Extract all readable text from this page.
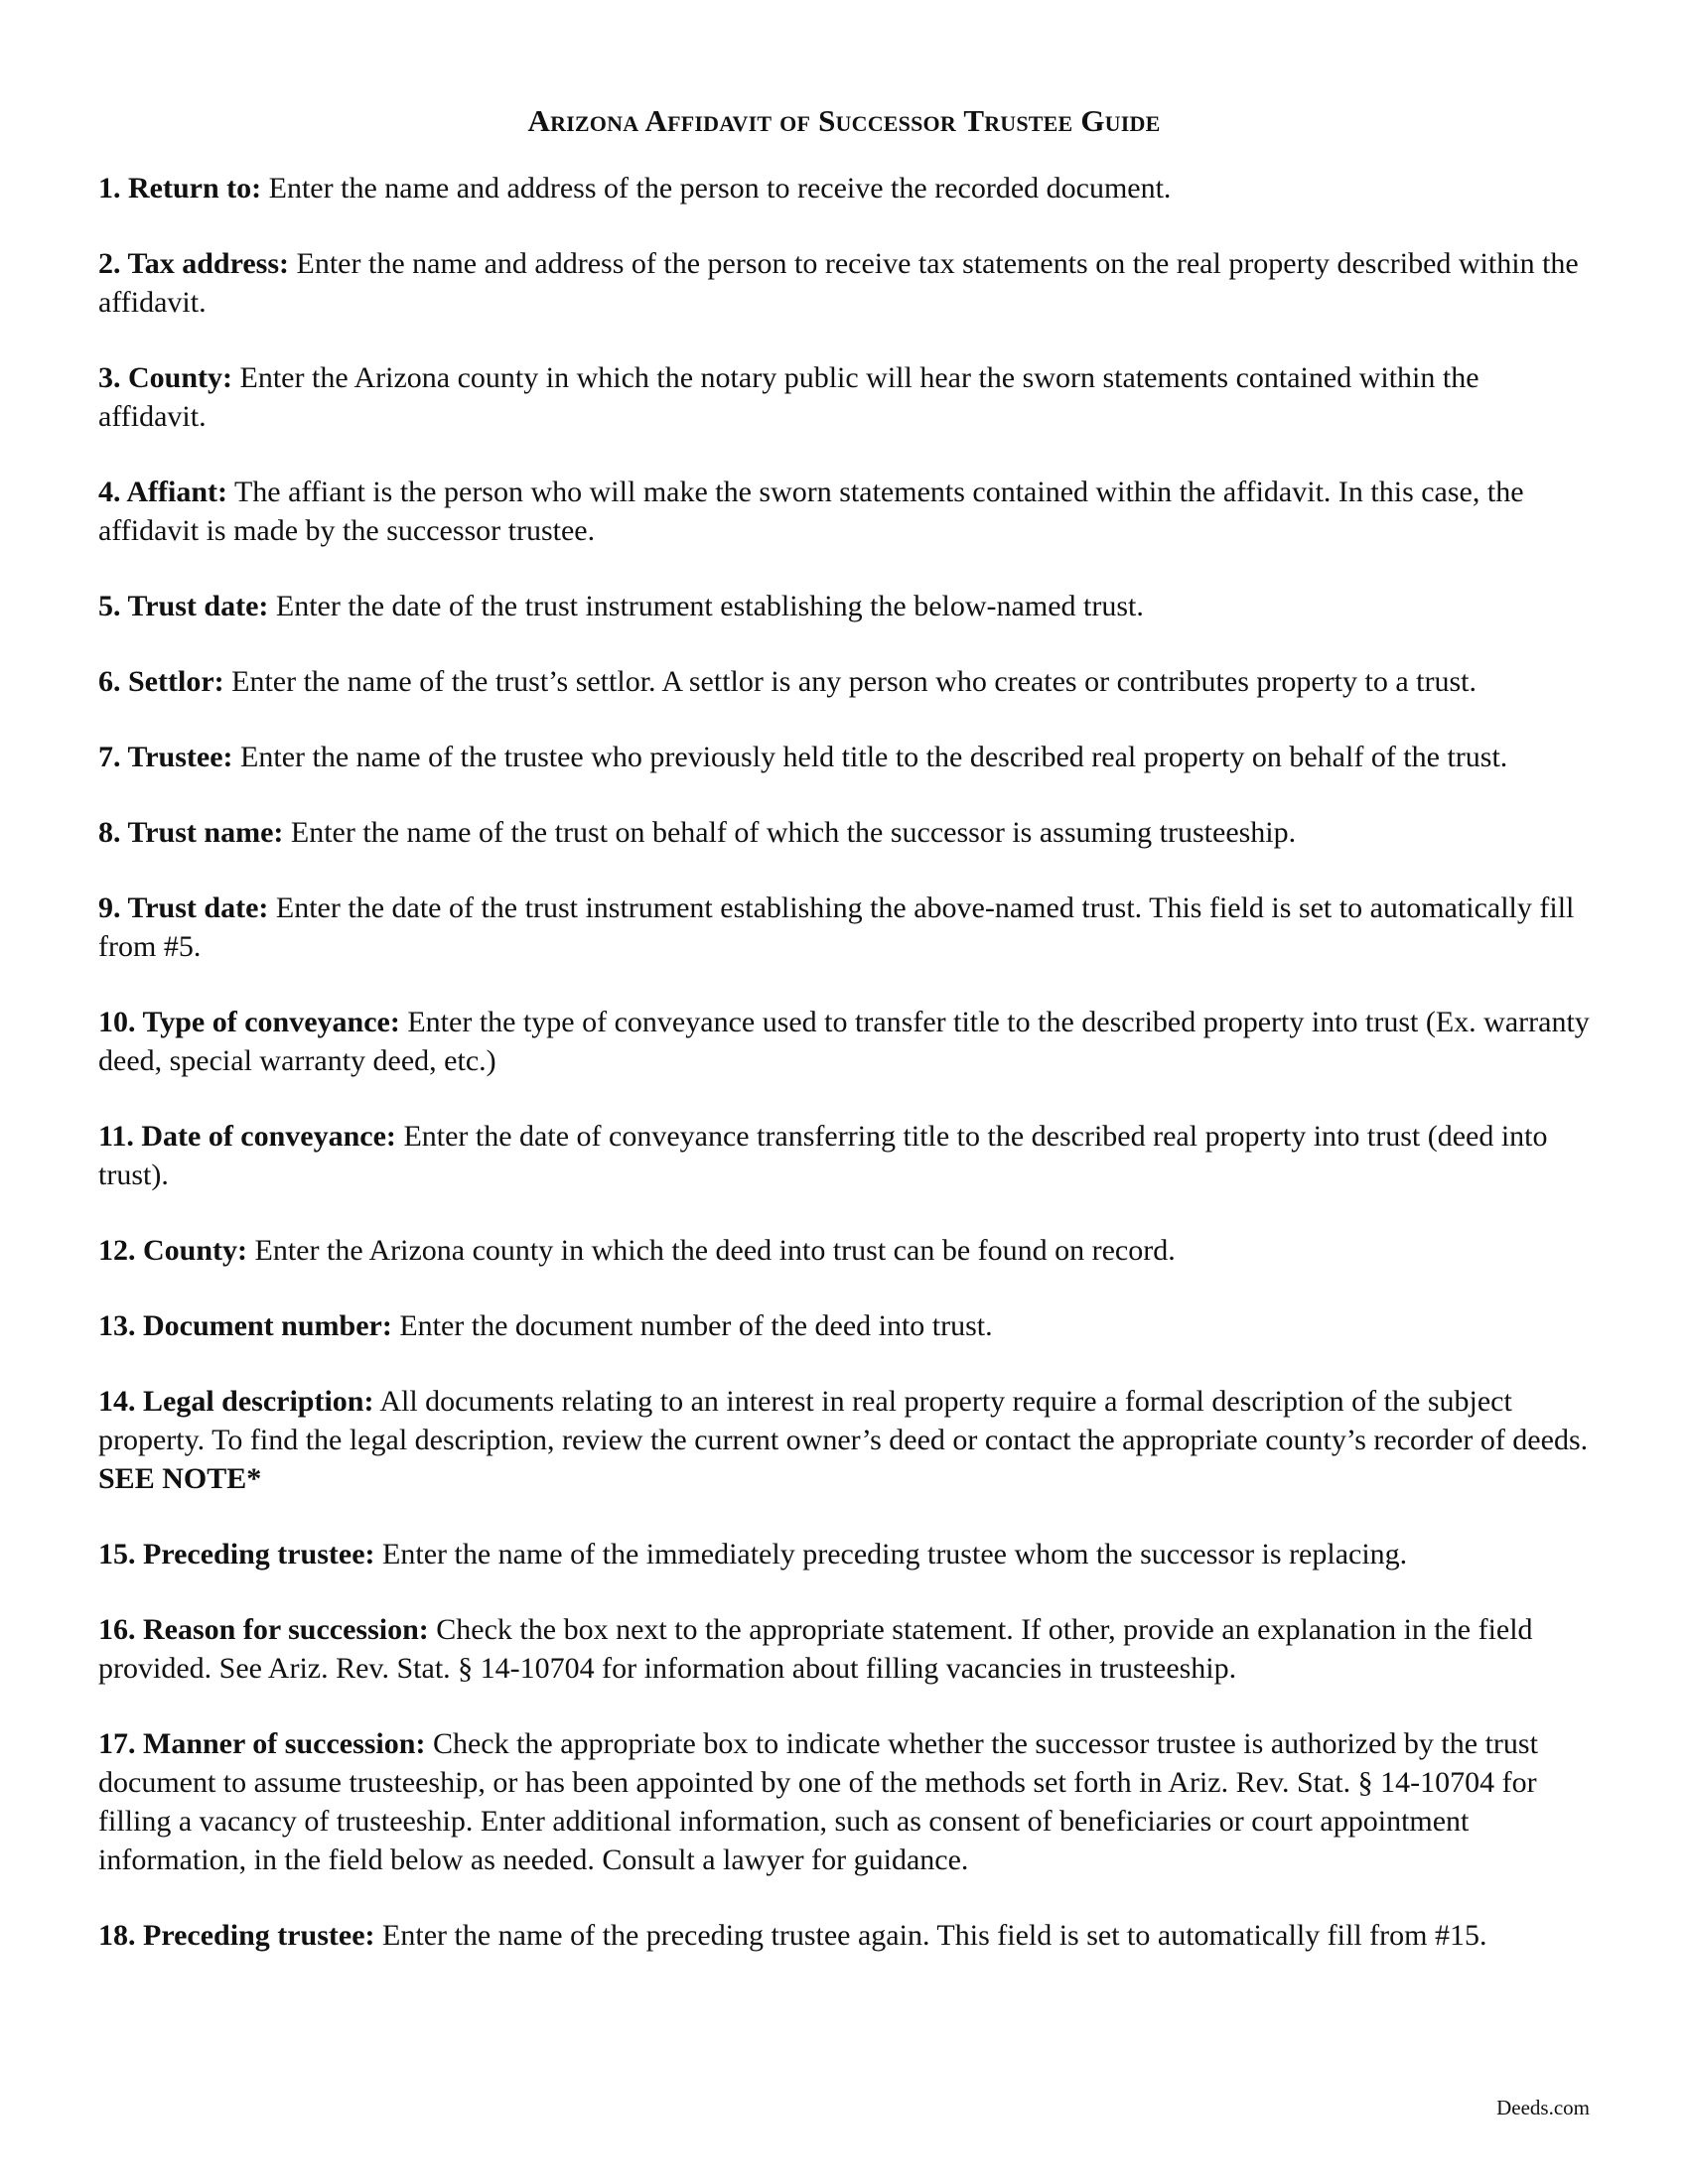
Arizona Affidavit of Successor Trustee Guide
1. Return to: Enter the name and address of the person to receive the recorded document.
2. Tax address: Enter the name and address of the person to receive tax statements on the real property described within the affidavit.
3. County: Enter the Arizona county in which the notary public will hear the sworn statements contained within the affidavit.
4. Affiant: The affiant is the person who will make the sworn statements contained within the affidavit. In this case, the affidavit is made by the successor trustee.
5. Trust date: Enter the date of the trust instrument establishing the below-named trust.
6. Settlor: Enter the name of the trust’s settlor. A settlor is any person who creates or contributes property to a trust.
7. Trustee: Enter the name of the trustee who previously held title to the described real property on behalf of the trust.
8. Trust name: Enter the name of the trust on behalf of which the successor is assuming trusteeship.
9. Trust date: Enter the date of the trust instrument establishing the above-named trust. This field is set to automatically fill from #5.
10. Type of conveyance: Enter the type of conveyance used to transfer title to the described property into trust (Ex. warranty deed, special warranty deed, etc.)
11. Date of conveyance: Enter the date of conveyance transferring title to the described real property into trust (deed into trust).
12. County: Enter the Arizona county in which the deed into trust can be found on record.
13. Document number: Enter the document number of the deed into trust.
14. Legal description: All documents relating to an interest in real property require a formal description of the subject property. To find the legal description, review the current owner’s deed or contact the appropriate county’s recorder of deeds. SEE NOTE*
15. Preceding trustee: Enter the name of the immediately preceding trustee whom the successor is replacing.
16. Reason for succession: Check the box next to the appropriate statement. If other, provide an explanation in the field provided. See Ariz. Rev. Stat. § 14-10704 for information about filling vacancies in trusteeship.
17. Manner of succession: Check the appropriate box to indicate whether the successor trustee is authorized by the trust document to assume trusteeship, or has been appointed by one of the methods set forth in Ariz. Rev. Stat. § 14-10704 for filling a vacancy of trusteeship. Enter additional information, such as consent of beneficiaries or court appointment information, in the field below as needed. Consult a lawyer for guidance.
18. Preceding trustee: Enter the name of the preceding trustee again. This field is set to automatically fill from #15.
Deeds.com
